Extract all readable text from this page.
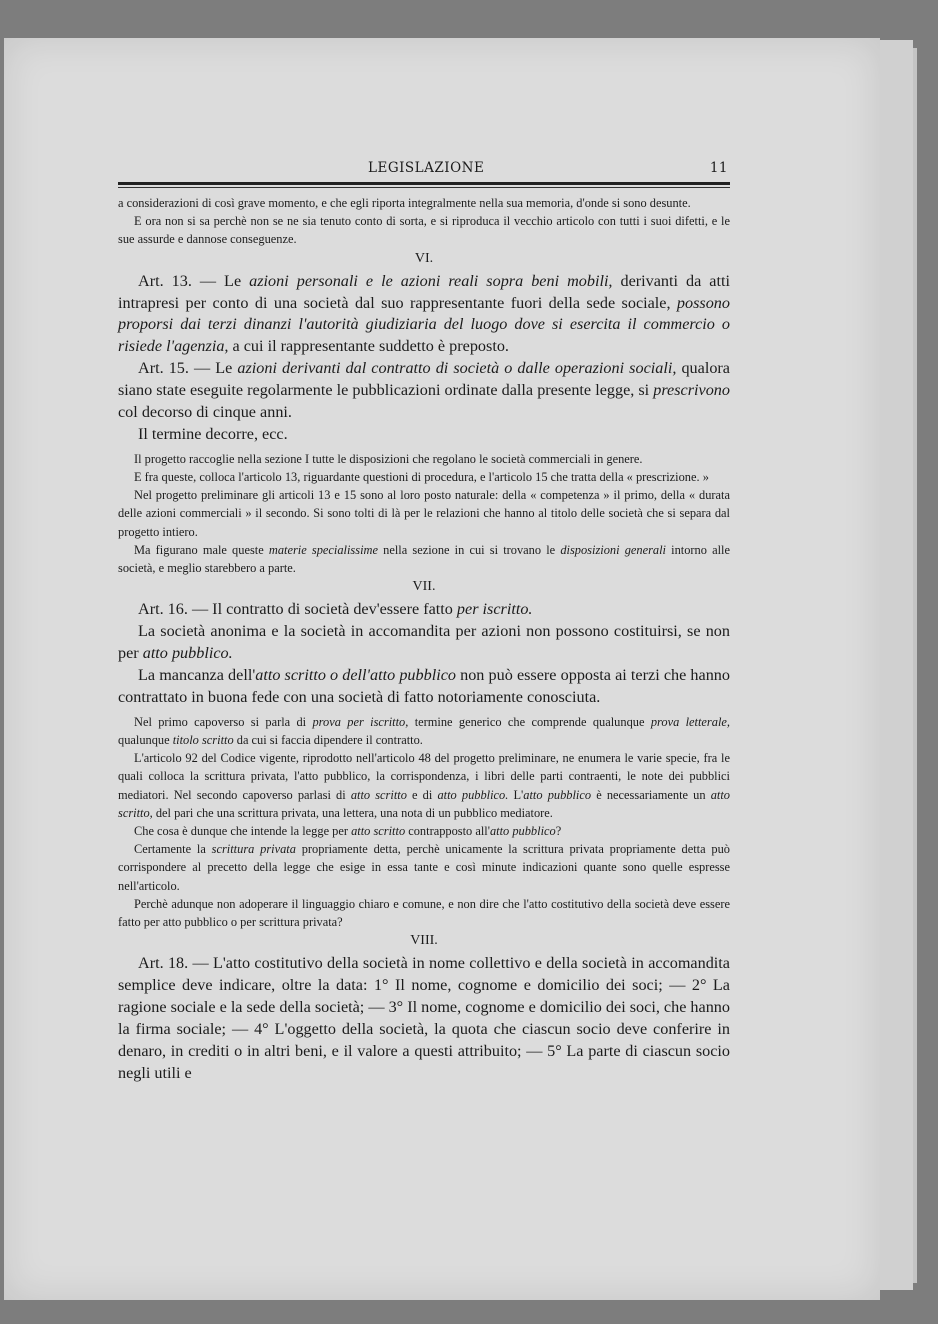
LEGISLAZIONE	11

a considerazioni di così grave momento, e che egli riporta integralmente nella sua memoria, d'onde si sono desunte.

E ora non si sa perchè non se ne sia tenuto conto di sorta, e si riproduca il vecchio articolo con tutti i suoi difetti, e le sue assurde e dannose conseguenze.

VI.

Art. 13. — Le azioni personali e le azioni reali sopra beni mobili, derivanti da atti intrapresi per conto di una società dal suo rappresentante fuori della sede sociale, possono proporsi dai terzi dinanzi l'autorità giudiziaria del luogo dove si esercita il commercio o risiede l'agenzia, a cui il rappresentante suddetto è preposto.

Art. 15. — Le azioni derivanti dal contratto di società o dalle operazioni sociali, qualora siano state eseguite regolarmente le pubblicazioni ordinate dalla presente legge, si prescrivono col decorso di cinque anni.

Il termine decorre, ecc.

Il progetto raccoglie nella sezione I tutte le disposizioni che regolano le società commerciali in genere.

E fra queste, colloca l'articolo 13, riguardante questioni di procedura, e l'articolo 15 che tratta della « prescrizione. »

Nel progetto preliminare gli articoli 13 e 15 sono al loro posto naturale: della « competenza » il primo, della « durata delle azioni commerciali » il secondo. Si sono tolti di là per le relazioni che hanno al titolo delle società che si separa dal progetto intiero.

Ma figurano male queste materie specialissime nella sezione in cui si trovano le disposizioni generali intorno alle società, e meglio starebbero a parte.

VII.

Art. 16. — Il contratto di società dev'essere fatto per iscritto.

La società anonima e la società in accomandita per azioni non possono costituirsi, se non per atto pubblico.

La mancanza dell'atto scritto o dell'atto pubblico non può essere opposta ai terzi che hanno contrattato in buona fede con una società di fatto notoriamente conosciuta.

Nel primo capoverso si parla di prova per iscritto, termine generico che comprende qualunque prova letterale, qualunque titolo scritto da cui si faccia dipendere il contratto.

L'articolo 92 del Codice vigente, riprodotto nell'articolo 48 del progetto preliminare, ne enumera le varie specie, fra le quali colloca la scrittura privata, l'atto pubblico, la corrispondenza, i libri delle parti contraenti, le note dei pubblici mediatori. Nel secondo capoverso parlasi di atto scritto e di atto pubblico. L'atto pubblico è necessariamente un atto scritto, del pari che una scrittura privata, una lettera, una nota di un pubblico mediatore.

Che cosa è dunque che intende la legge per atto scritto contrapposto all'atto pubblico?

Certamente la scrittura privata propriamente detta, perchè unicamente la scrittura privata propriamente detta può corrispondere al precetto della legge che esige in essa tante e così minute indicazioni quante sono quelle espresse nell'articolo.

Perchè adunque non adoperare il linguaggio chiaro e comune, e non dire che l'atto costitutivo della società deve essere fatto per atto pubblico o per scrittura privata?

VIII.

Art. 18. — L'atto costitutivo della società in nome collettivo e della società in accomandita semplice deve indicare, oltre la data: 1° Il nome, cognome e domicilio dei soci; — 2° La ragione sociale e la sede della società; — 3° Il nome, cognome e domicilio dei soci, che hanno la firma sociale; — 4° L'oggetto della società, la quota che ciascun socio deve conferire in denaro, in crediti o in altri beni, e il valore a questi attribuito; — 5° La parte di ciascun socio negli utili e
